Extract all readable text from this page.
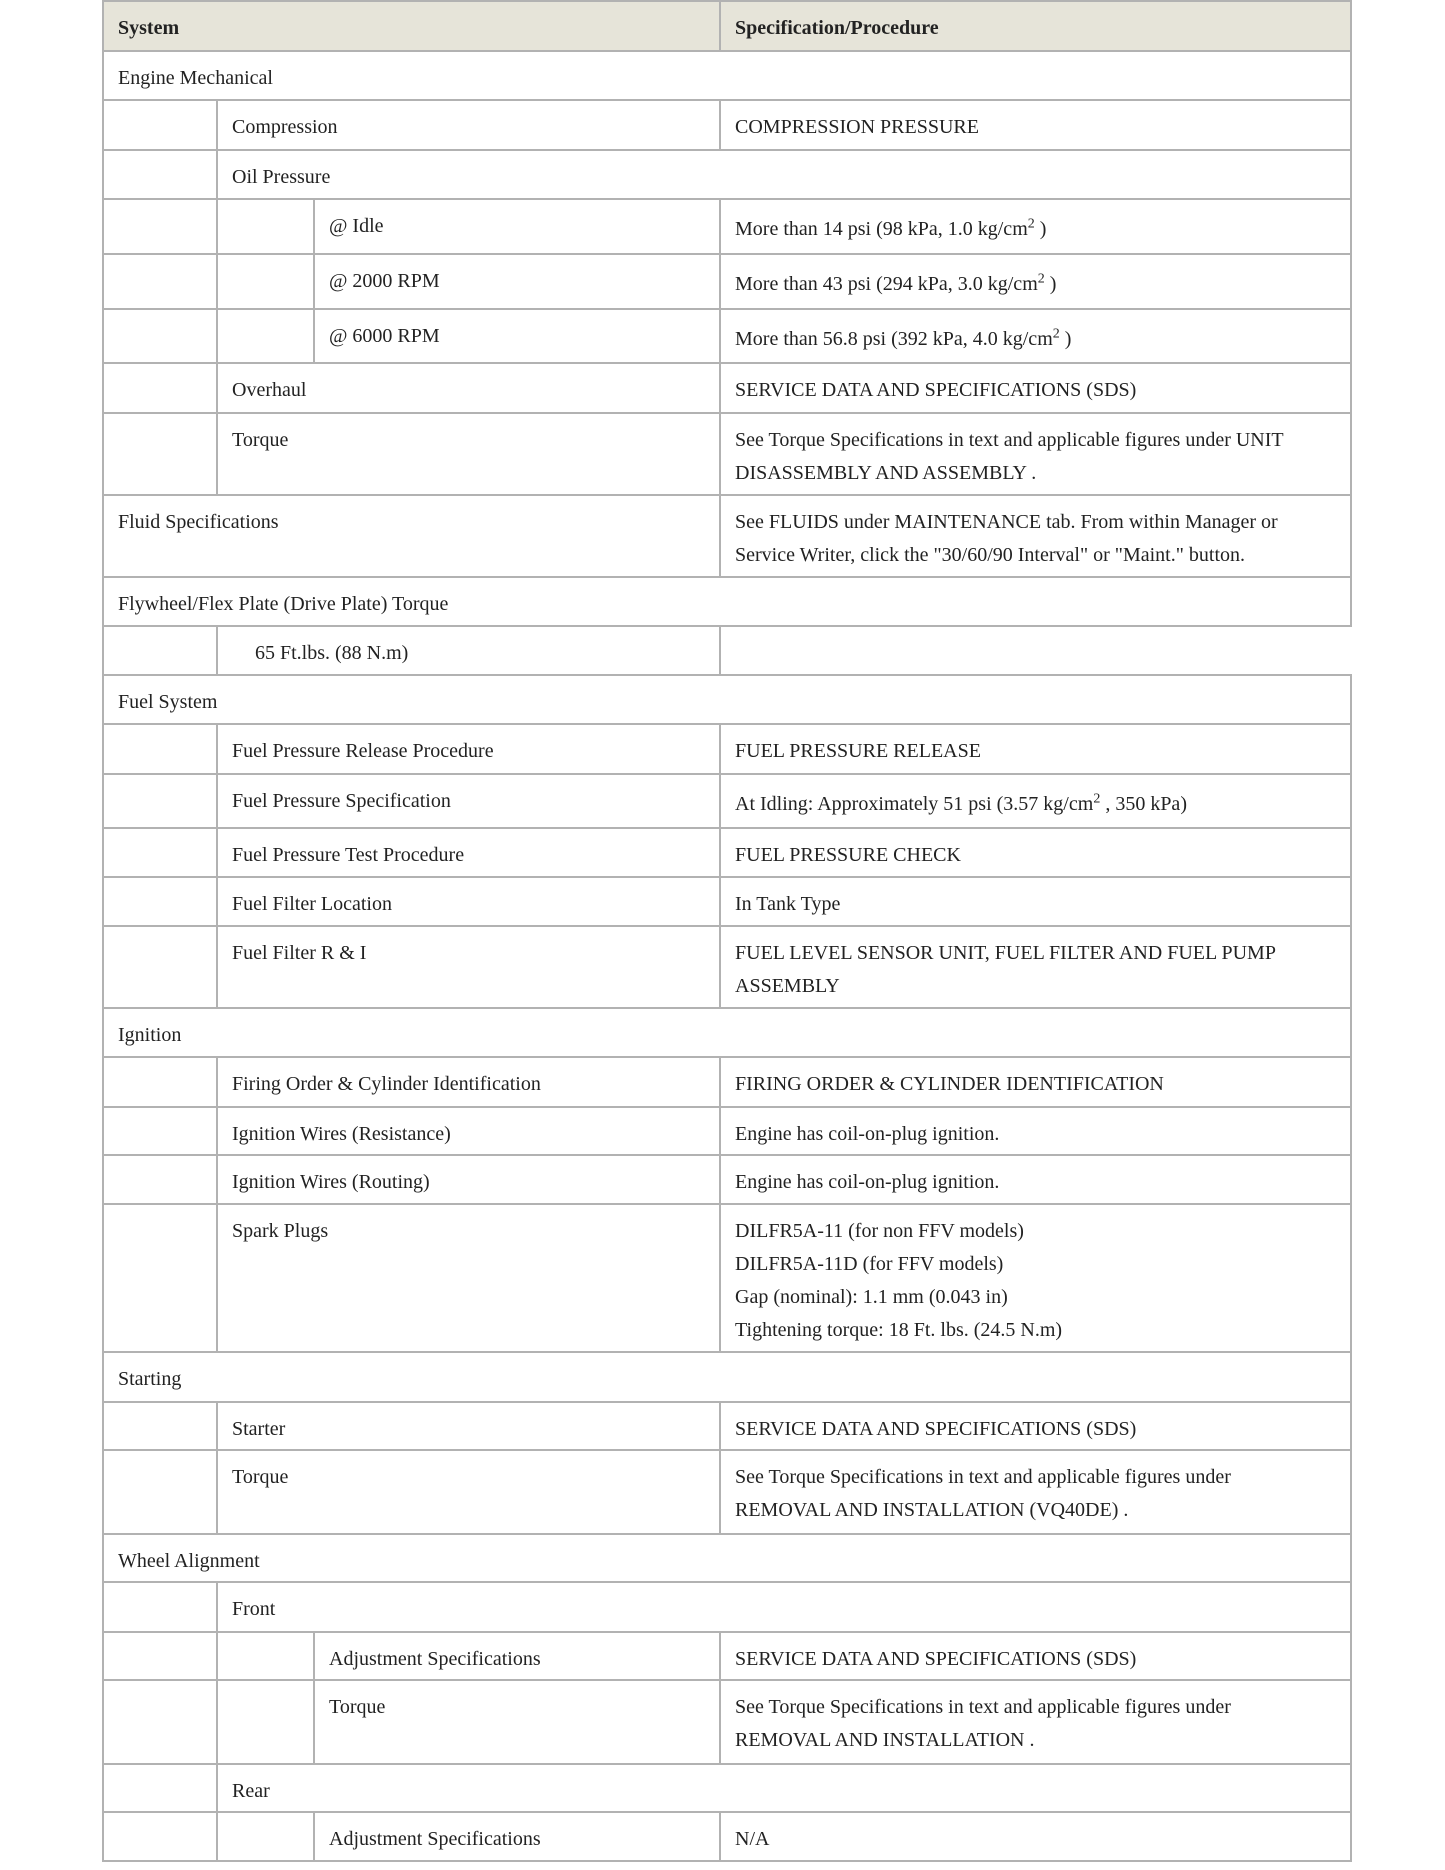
System	Specification/Procedure
Engine Mechanical
Compression	COMPRESSION PRESSURE
Oil Pressure
@ Idle	More than 14 psi (98 kPa, 1.0 $kg/cm^2$ )
@ 2000 RPM	More than 43 psi (294 kPa, 3.0 $kg/cm^2$ )
@ 6000 RPM	More than 56.8 psi (392 kPa, 4.0 $kg/cm^2$ )
Overhaul	SERVICE DATA AND SPECIFICATIONS (SDS)
Torque	See Torque Specifications in text and applicable figures under UNIT
DISASSEMBLY AND ASSEMBLY .
Fluid Specifications	See FLUIDS under MAINTENANCE tab. From within Manager or
Service Writer, click the "30/60/90 Interval" or "Maint." button.
Flywheel/Flex Plate (Drive Plate) Torque
65 Ft.lbs. (88 N.m)
Fuel System
Fuel Pressure Release Procedure	FUEL PRESSURE RELEASE
Fuel Pressure Specification	At Idling: Approximately 51 psi (3.57 $kg/cm^2$ , 350 kPa)
Fuel Pressure Test Procedure	FUEL PRESSURE CHECK
Fuel Filter Location	In Tank Type
Fuel Filter R & I	FUEL LEVEL SENSOR UNIT, FUEL FILTER AND FUEL PUMP
ASSEMBLY
Ignition
Firing Order & Cylinder Identification	FIRING ORDER & CYLINDER IDENTIFICATION
Ignition Wires (Resistance)	Engine has coil-on-plug ignition.
Ignition Wires (Routing)	Engine has coil-on-plug ignition.
Spark Plugs	DILFR5A-11 (for non FFV models)
DILFR5A-11D (for FFV models)
Gap (nominal): 1.1 mm (0.043 in)
Tightening torque: 18 Ft. lbs. (24.5 N.m)
Starting
Starter	SERVICE DATA AND SPECIFICATIONS (SDS)
Torque	See Torque Specifications in text and applicable figures under
REMOVAL AND INSTALLATION (VQ40DE) .
Wheel Alignment
Front
Adjustment Specifications	SERVICE DATA AND SPECIFICATIONS (SDS)
Torque	See Torque Specifications in text and applicable figures under
REMOVAL AND INSTALLATION .
Rear
Adjustment Specifications	N/A
